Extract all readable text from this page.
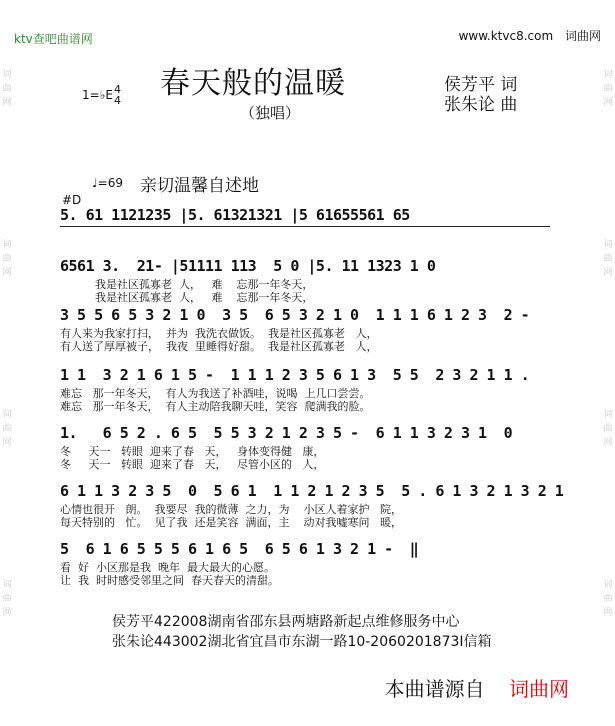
词
曲
网
词
曲
网
词
曲
网
词
曲
网
词
曲
网
词
曲
网
词
曲
网
词
曲
网
ktv查吧曲谱网	www.ktvc8.com 词曲网
春天般的温暖
（独唱）
1=♭E 4
4
侯芳平 词
张朱论 曲
♩=69 亲切温馨自述地
#D
5. 61 1121235 |5. 61321321 |5 61655561 65
6561 3.  21- |51111 113  5 0 |5. 11 1323 1 0
我是社区孤寡老  人，   难    忘那一年冬天，
我是社区孤寡老  人，   难    忘那一年冬天，
3 5 5 6 5 3 2 1 0  3 5  6 5 3 2 1 0  1 1 1 6 1 2 3  2 -
有人来为我家打扫，  并为  我洗衣做饭。  我是社区孤寡老   人，
有人送了厚厚被子，  我夜  里睡得好甜。  我是社区孤寡老   人，
1 1  3 2 1 6 1 5 -  1 1 1 2 3 5 6 1 3  5 5  2 3 2 1 1 .
难忘   那一年冬天，  有人为我送了补酒哇，说喝  上几口尝尝。
难忘   那一年冬天，  有人主动陪我聊天哇，笑容  爬满我的脸。
1.   6 5 2 . 6 5  5 5 3 2 1 2 3 5 -  6 1 1 3 2 3 1  0
冬     天一   转眼  迎来了春   天，   身体变得健   康，
冬     天一   转眼  迎来了春   天，   尽管小区的   人，
6 1 1 3 2 3 5  0  5 6 1  1 1 2 1 2 3 5  5 . 6 1 3 2 1 3 2 1
心情也很开   朗。  我要尽  我的微薄  之力，为    小区人着家护   院，
每天特别的   忙。  见了我  还是笑容  满面，主    动对我嘘寒问   暖，
5  6 1 6 5 5 5 6 1 6 5  6 5 6 1 3 2 1 -  ‖
看  好  小区那是我  晚年  最大最大的心愿。
让  我  时时感受邻里之间  春天春天的清甜。
侯芳平422008湖南省邵东县两塘路新起点维修服务中心
张朱论443002湖北省宜昌市东湖一路10-2060201873I信箱
本曲谱源自 词曲网
